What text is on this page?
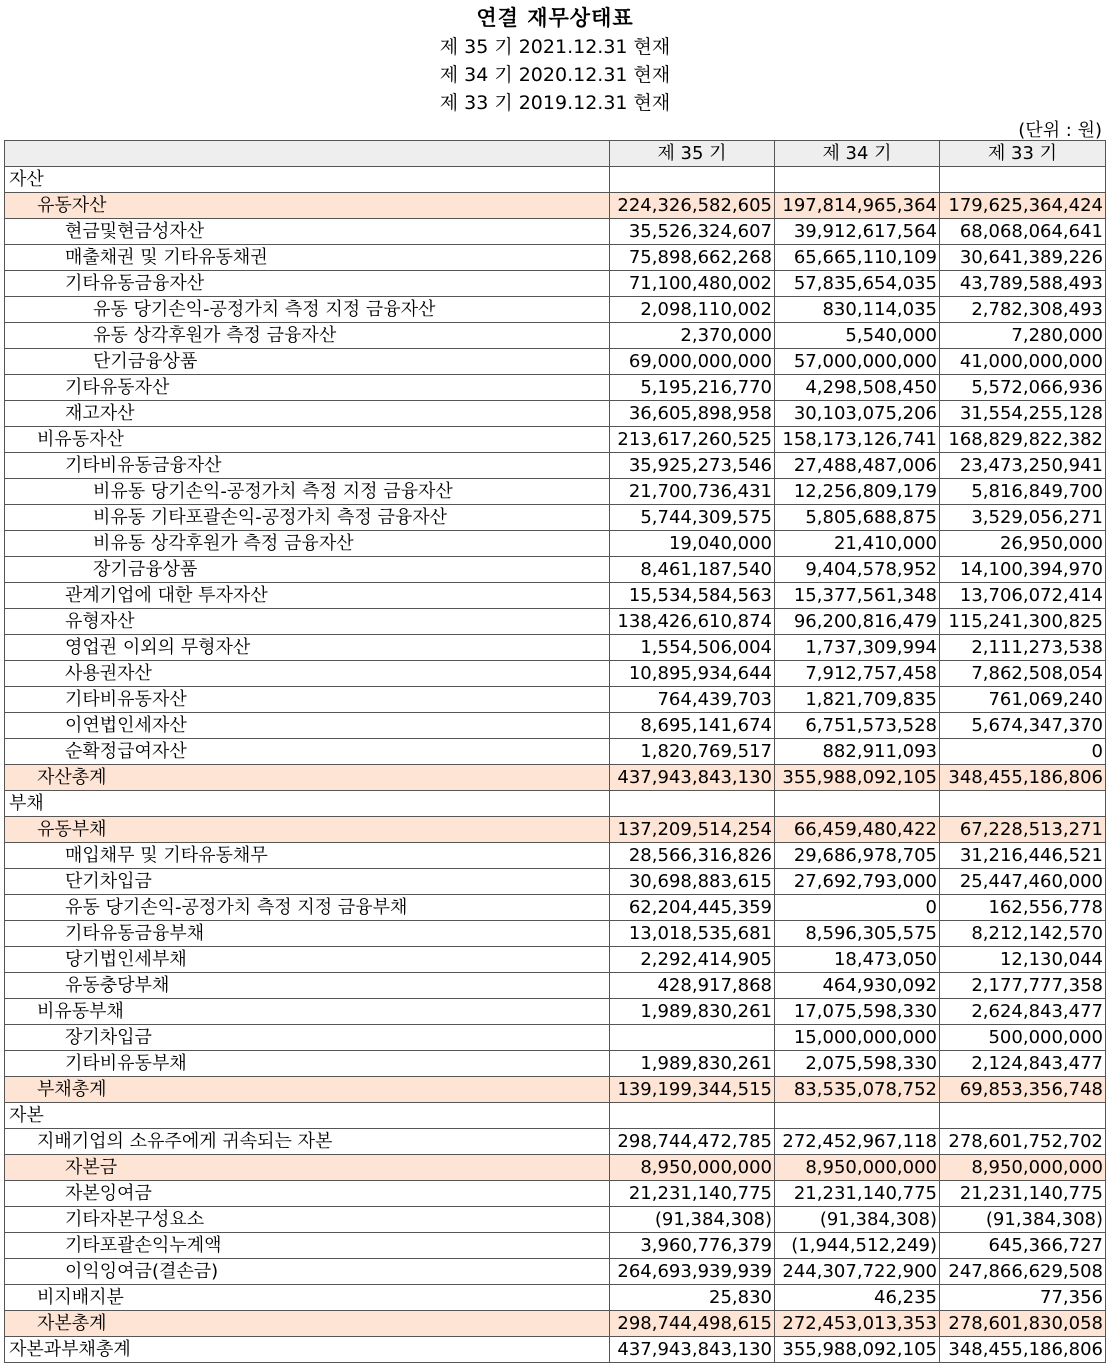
연결 재무상태표
제 35 기 2021.12.31 현재
제 34 기 2020.12.31 현재
제 33 기 2019.12.31 현재
(단위 : 원)
	제 35 기	제 34 기	제 33 기
자산			
유동자산	224,326,582,605	197,814,965,364	179,625,364,424
현금및현금성자산	35,526,324,607	39,912,617,564	68,068,064,641
매출채권 및 기타유동채권	75,898,662,268	65,665,110,109	30,641,389,226
기타유동금융자산	71,100,480,002	57,835,654,035	43,789,588,493
유동 당기손익-공정가치 측정 지정 금융자산	2,098,110,002	830,114,035	2,782,308,493
유동 상각후원가 측정 금융자산	2,370,000	5,540,000	7,280,000
단기금융상품	69,000,000,000	57,000,000,000	41,000,000,000
기타유동자산	5,195,216,770	4,298,508,450	5,572,066,936
재고자산	36,605,898,958	30,103,075,206	31,554,255,128
비유동자산	213,617,260,525	158,173,126,741	168,829,822,382
기타비유동금융자산	35,925,273,546	27,488,487,006	23,473,250,941
비유동 당기손익-공정가치 측정 지정 금융자산	21,700,736,431	12,256,809,179	5,816,849,700
비유동 기타포괄손익-공정가치 측정 금융자산	5,744,309,575	5,805,688,875	3,529,056,271
비유동 상각후원가 측정 금융자산	19,040,000	21,410,000	26,950,000
장기금융상품	8,461,187,540	9,404,578,952	14,100,394,970
관계기업에 대한 투자자산	15,534,584,563	15,377,561,348	13,706,072,414
유형자산	138,426,610,874	96,200,816,479	115,241,300,825
영업권 이외의 무형자산	1,554,506,004	1,737,309,994	2,111,273,538
사용권자산	10,895,934,644	7,912,757,458	7,862,508,054
기타비유동자산	764,439,703	1,821,709,835	761,069,240
이연법인세자산	8,695,141,674	6,751,573,528	5,674,347,370
순확정급여자산	1,820,769,517	882,911,093	0
자산총계	437,943,843,130	355,988,092,105	348,455,186,806
부채			
유동부채	137,209,514,254	66,459,480,422	67,228,513,271
매입채무 및 기타유동채무	28,566,316,826	29,686,978,705	31,216,446,521
단기차입금	30,698,883,615	27,692,793,000	25,447,460,000
유동 당기손익-공정가치 측정 지정 금융부채	62,204,445,359	0	162,556,778
기타유동금융부채	13,018,535,681	8,596,305,575	8,212,142,570
당기법인세부채	2,292,414,905	18,473,050	12,130,044
유동충당부채	428,917,868	464,930,092	2,177,777,358
비유동부채	1,989,830,261	17,075,598,330	2,624,843,477
장기차입금		15,000,000,000	500,000,000
기타비유동부채	1,989,830,261	2,075,598,330	2,124,843,477
부채총계	139,199,344,515	83,535,078,752	69,853,356,748
자본			
지배기업의 소유주에게 귀속되는 자본	298,744,472,785	272,452,967,118	278,601,752,702
자본금	8,950,000,000	8,950,000,000	8,950,000,000
자본잉여금	21,231,140,775	21,231,140,775	21,231,140,775
기타자본구성요소	(91,384,308)	(91,384,308)	(91,384,308)
기타포괄손익누계액	3,960,776,379	(1,944,512,249)	645,366,727
이익잉여금(결손금)	264,693,939,939	244,307,722,900	247,866,629,508
비지배지분	25,830	46,235	77,356
자본총계	298,744,498,615	272,453,013,353	278,601,830,058
자본과부채총계	437,943,843,130	355,988,092,105	348,455,186,806
